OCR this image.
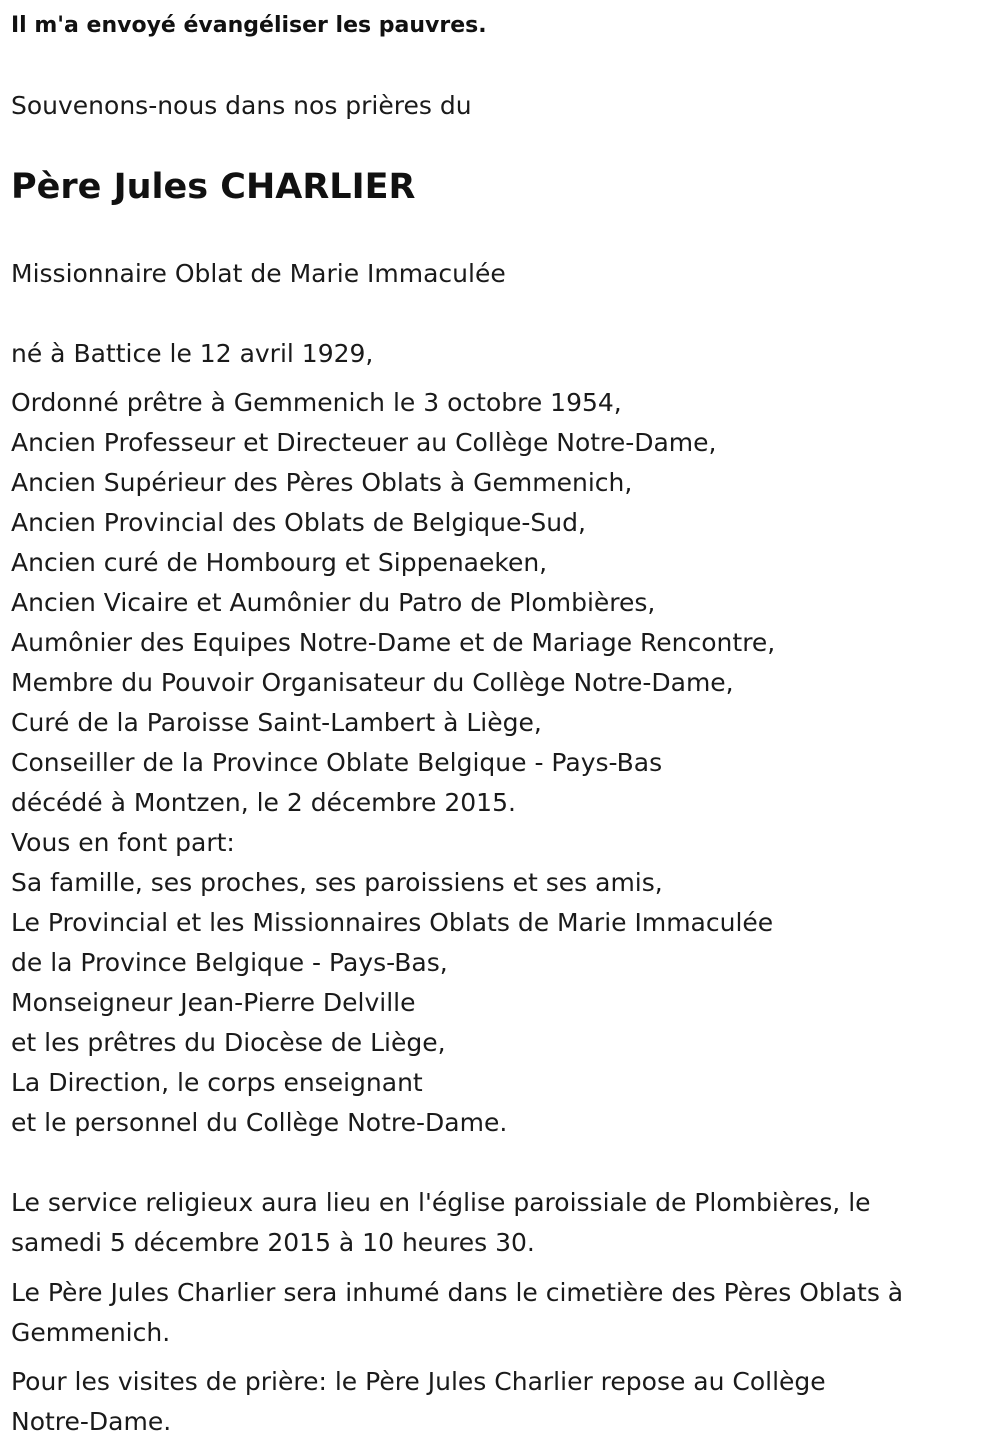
Il m'a envoyé évangéliser les pauvres.

Souvenons-nous dans nos prières du

Père Jules CHARLIER

Missionnaire Oblat de Marie Immaculée

né à Battice le 12 avril 1929,

Ordonné prêtre à Gemmenich le 3 octobre 1954,

Ancien Professeur et Directeuer au Collège Notre-Dame,

Ancien Supérieur des Pères Oblats à Gemmenich,

Ancien Provincial des Oblats de Belgique-Sud,

Ancien curé de Hombourg et Sippenaeken,

Ancien Vicaire et Aumônier du Patro de Plombières,

Aumônier des Equipes Notre-Dame et de Mariage Rencontre,

Membre du Pouvoir Organisateur du Collège Notre-Dame,

Curé de la Paroisse Saint-Lambert à Liège,

Conseiller de la Province Oblate Belgique - Pays-Bas

décédé à Montzen, le 2 décembre 2015.

Vous en font part:

Sa famille, ses proches, ses paroissiens et ses amis,

Le Provincial et les Missionnaires Oblats de Marie Immaculée

de la Province Belgique - Pays-Bas,

Monseigneur Jean-Pierre Delville

et les prêtres du Diocèse de Liège,

La Direction, le corps enseignant

et le personnel du Collège Notre-Dame.

Le service religieux aura lieu en l'église paroissiale de Plombières, le

samedi 5 décembre 2015 à 10 heures 30.

Le Père Jules Charlier sera inhumé dans le cimetière des Pères Oblats à

Gemmenich.

Pour les visites de prière: le Père Jules Charlier repose au Collège

Notre-Dame.
